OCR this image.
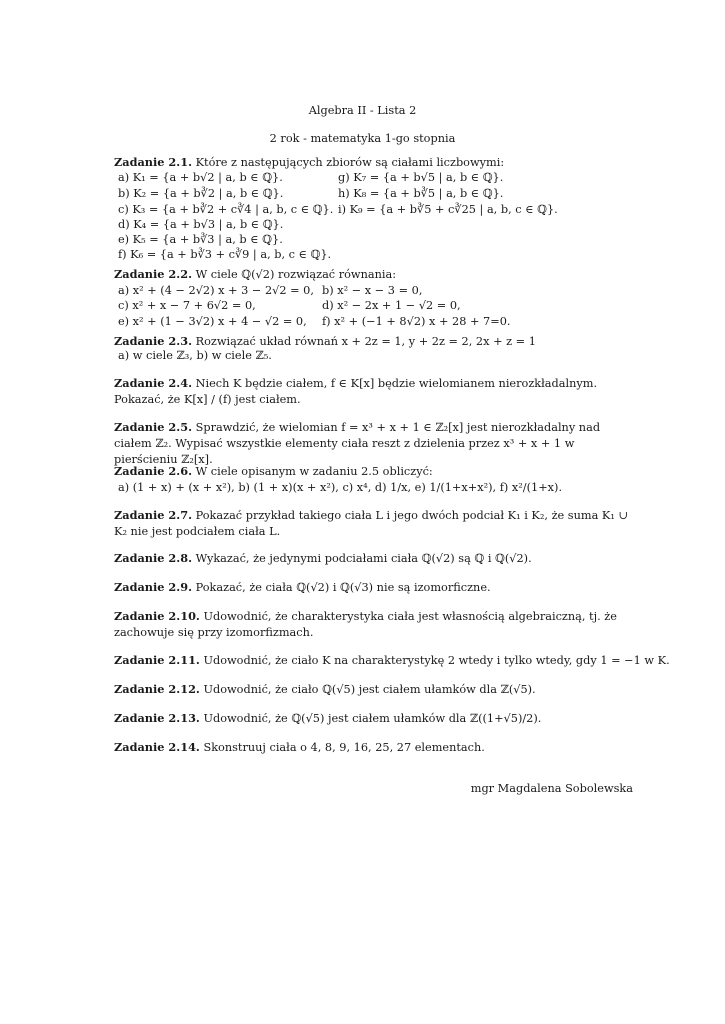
Algebra II - Lista 2
2 rok - matematyka 1-go stopnia
Zadanie 2.1. Które z następujących zbiorów są ciałami liczbowymi:
a) K₁ = {a + b√2 | a, b ∈ ℚ}.
b) K₂ = {a + b∛2 | a, b ∈ ℚ}.
c) K₃ = {a + b∛2 + c∛4 | a, b, c ∈ ℚ}.
d) K₄ = {a + b√3 | a, b ∈ ℚ}.
e) K₅ = {a + b∛3 | a, b ∈ ℚ}.
f) K₆ = {a + b∛3 + c∛9 | a, b, c ∈ ℚ}.
g) K₇ = {a + b√5 | a, b ∈ ℚ}.
h) K₈ = {a + b∛5 | a, b ∈ ℚ}.
i) K₉ = {a + b∛5 + c∛25 | a, b, c ∈ ℚ}.
Zadanie 2.2. W ciele ℚ(√2) rozwiązać równania:
a) x² + (4 − 2√2) x + 3 − 2√2 = 0, b) x² − x − 3 = 0,
c) x² + x − 7 + 6√2 = 0,	d) x² − 2x + 1 − √2 = 0,
e) x² + (1 − 3√2) x + 4 − √2 = 0, f) x² + (−1 + 8√2) x + 28 + 7=0.
Zadanie 2.3. Rozwiązać układ równań x + 2z = 1, y + 2z = 2, 2x + z = 1
a) w ciele ℤ₃, b) w ciele ℤ₅.
Zadanie 2.4. Niech K będzie ciałem, f ∈ K[x] będzie wielomianem nierozkładalnym. Pokazać, że K[x] / (f) jest ciałem.
Zadanie 2.5. Sprawdzić, że wielomian f = x³ + x + 1 ∈ ℤ₂[x] jest nierozkładalny nad ciałem ℤ₂. Wypisać wszystkie elementy ciała reszt z dzielenia przez x³ + x + 1 w pierścieniu ℤ₂[x].
Zadanie 2.6. W ciele opisanym w zadaniu 2.5 obliczyć:
a) (1 + x) + (x + x²), b) (1 + x)(x + x²), c) x⁴, d) 1/x, e) 1/(1+x+x²), f) x²/(1+x).
Zadanie 2.7. Pokazać przykład takiego ciała L i jego dwóch podciał K₁ i K₂, że suma K₁ ∪ K₂ nie jest podciałem ciała L.
Zadanie 2.8. Wykazać, że jedynymi podciałami ciała ℚ(√2) są ℚ i ℚ(√2).
Zadanie 2.9. Pokazać, że ciała ℚ(√2) i ℚ(√3) nie są izomorficzne.
Zadanie 2.10. Udowodnić, że charakterystyka ciała jest własnością algebraiczną, tj. że zachowuje się przy izomorfizmach.
Zadanie 2.11. Udowodnić, że ciało K na charakterystykę 2 wtedy i tylko wtedy, gdy 1 = −1 w K.
Zadanie 2.12. Udowodnić, że ciało ℚ(√5) jest ciałem ułamków dla ℤ(√5).
Zadanie 2.13. Udowodnić, że ℚ(√5) jest ciałem ułamków dla ℤ((1+√5)/2).
Zadanie 2.14. Skonstruuj ciała o 4, 8, 9, 16, 25, 27 elementach.
mgr Magdalena Sobolewska
